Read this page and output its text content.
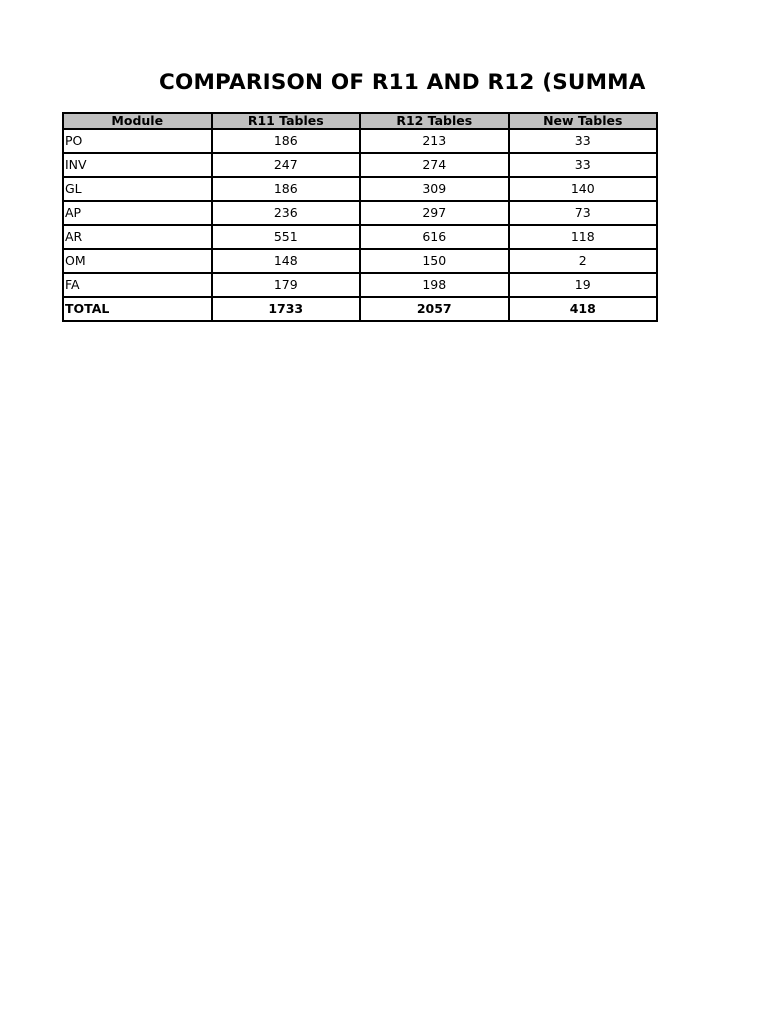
COMPARISON OF R11 AND R12 (SUMMA
Module	R11 Tables	R12 Tables	New Tables
PO	186	213	33
INV	247	274	33
GL	186	309	140
AP	236	297	73
AR	551	616	118
OM	148	150	2
FA	179	198	19
TOTAL	1733	2057	418
